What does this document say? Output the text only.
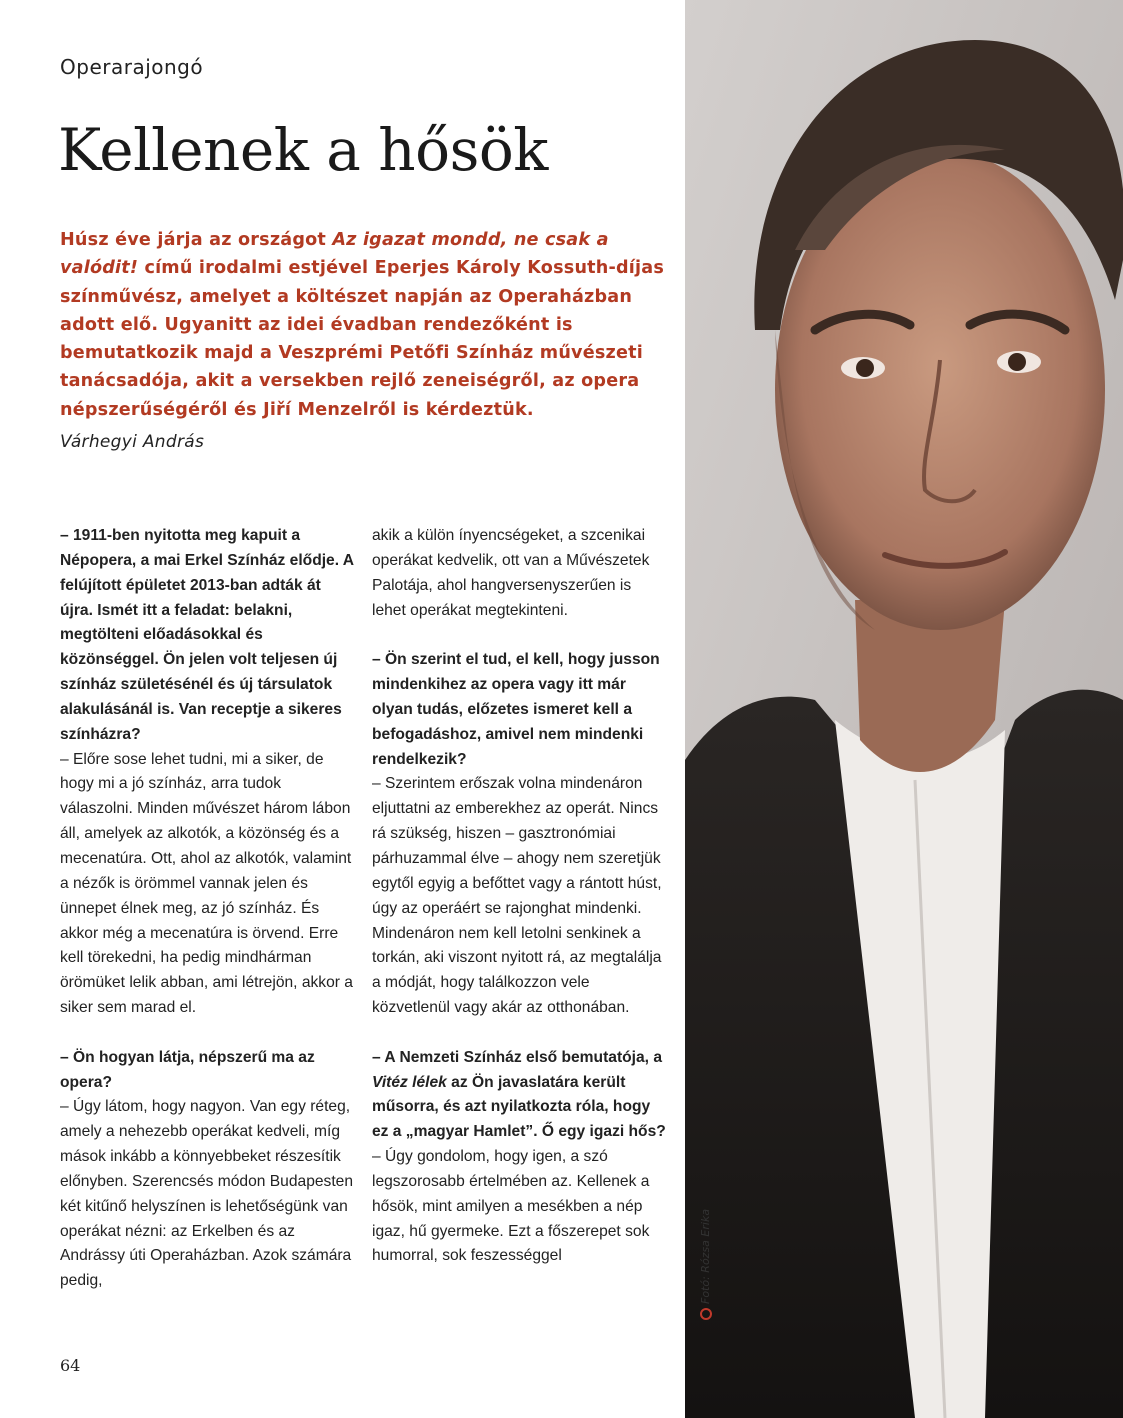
Operarajongó
Kellenek a hősök
Húsz éve járja az országot Az igazat mondd, ne csak a valódit! című irodalmi estjével Eperjes Károly Kossuth-díjas színművész, amelyet a költészet napján az Operaházban adott elő. Ugyanitt az idei évadban rendezőként is bemutatkozik majd a Veszprémi Petőfi Színház művészeti tanácsadója, akit a versekben rejlő zeneiségről, az opera népszerűségéről és Jiří Menzelről is kérdeztük.
Várhegyi András
– 1911-ben nyitotta meg kapuit a Népopera, a mai Erkel Színház elődje. A felújított épületet 2013-ban adták át újra. Ismét itt a feladat: belakni, megtölteni előadásokkal és közönséggel. Ön jelen volt teljesen új színház születésénél és új társulatok alakulásánál is. Van receptje a sikeres színházra?
– Előre sose lehet tudni, mi a siker, de hogy mi a jó színház, arra tudok válaszolni. Minden művészet három lábon áll, amelyek az alkotók, a közönség és a mecenatúra. Ott, ahol az alkotók, valamint a nézők is örömmel vannak jelen és ünnepet élnek meg, az jó színház. És akkor még a mecenatúra is örvend. Erre kell törekedni, ha pedig mindhárman örömüket lelik abban, ami létrejön, akkor a siker sem marad el.
– Ön hogyan látja, népszerű ma az opera?
– Úgy látom, hogy nagyon. Van egy réteg, amely a nehezebb operákat kedveli, míg mások inkább a könnyebbeket részesítik előnyben. Szerencsés módon Budapesten két kitűnő helyszínen is lehetőségünk van operákat nézni: az Erkelben és az Andrássy úti Operaházban. Azok számára pedig,
akik a külön ínyencségeket, a szcenikai operákat kedvelik, ott van a Művészetek Palotája, ahol hangversenyszerűen is lehet operákat megtekinteni.
– Ön szerint el tud, el kell, hogy jusson mindenkihez az opera vagy itt már olyan tudás, előzetes ismeret kell a befogadáshoz, amivel nem mindenki rendelkezik?
– Szerintem erőszak volna mindenáron eljuttatni az emberekhez az operát. Nincs rá szükség, hiszen – gasztronómiai párhuzammal élve – ahogy nem szeretjük egytől egyig a befőttet vagy a rántott húst, úgy az operáért se rajonghat mindenki. Mindenáron nem kell letolni senkinek a torkán, aki viszont nyitott rá, az megtalálja a módját, hogy találkozzon vele közvetlenül vagy akár az otthonában.
– A Nemzeti Színház első bemutatója, a Vitéz lélek az Ön javaslatára került műsorra, és azt nyilatkozta róla, hogy ez a „magyar Hamlet”. Ő egy igazi hős?
– Úgy gondolom, hogy igen, a szó legszorosabb értelmében az. Kellenek a hősök, mint amilyen a mesékben a nép igaz, hű gyermeke. Ezt a főszerepet sok humorral, sok feszességgel	Fotó: Rózsa Erika
64
